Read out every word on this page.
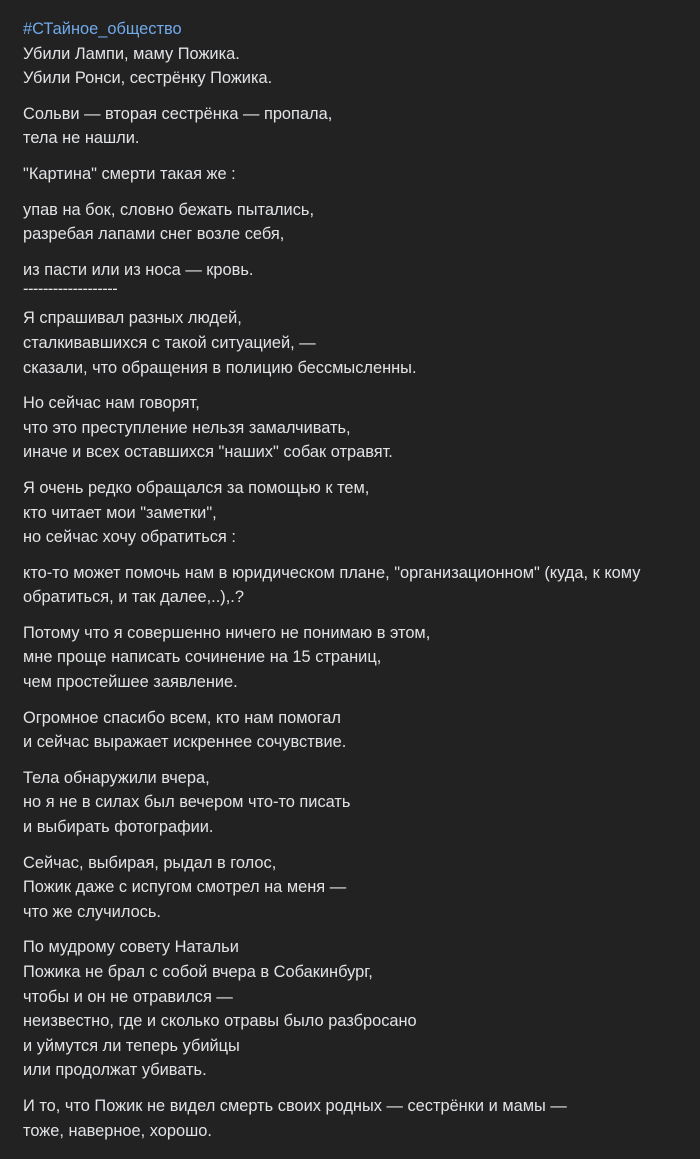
#СТайное_общество

Убили Лампи, маму Пожика.
Убили Ронси, сестрёнку Пожика.

Сольви — вторая сестрёнка — пропала,
тела не нашли.

"Картина" смерти такая же :

упав на бок, словно бежать пытались,
разребая лапами снег возле себя,

из пасти или из носа — кровь.

-------------------

Я спрашивал разных людей,
сталкивавшихся с такой ситуацией, —
сказали, что обращения в полицию бессмысленны.

Но сейчас нам говорят,
что это преступление нельзя замалчивать,
иначе и всех оставшихся "наших" собак отравят.

Я очень редко обращался за помощью к тем,
кто читает мои "заметки",
но сейчас хочу обратиться :

кто-то может помочь нам в юридическом плане, "организационном" (куда, к кому обратиться, и так далее,..),.?

Потому что я совершенно ничего не понимаю в этом,
мне проще написать сочинение на 15 страниц,
чем простейшее заявление.

Огромное спасибо всем, кто нам помогал
и сейчас выражает искреннее сочувствие.

Тела обнаружили вчера,
но я не в силах был вечером что-то писать
и выбирать фотографии.

Сейчас, выбирая, рыдал в голос,
Пожик даже с испугом смотрел на меня —
что же случилось.

По мудрому совету Натальи
Пожика не брал с собой вчера в Собакинбург,
чтобы и он не отравился —
неизвестно, где и сколько отравы было разбросано
и уймутся ли теперь убийцы
или продолжат убивать.

И то, что Пожик не видел смерть своих родных — сестрёнки и мамы —
тоже, наверное, хорошо.
